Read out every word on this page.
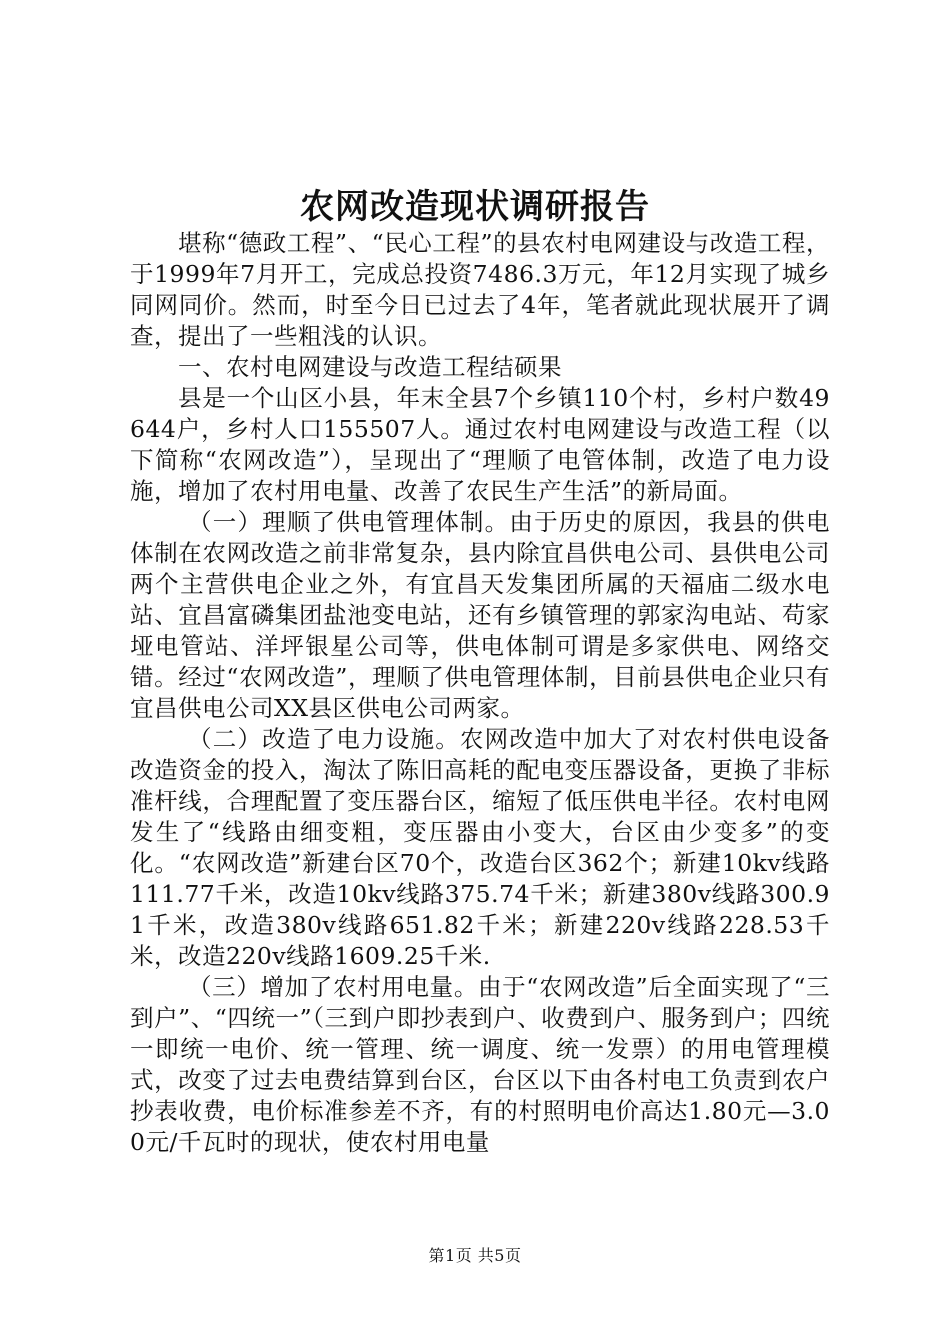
农网改造现状调研报告

堪称“德政工程”、“民心工程”的县农村电网建设与改造工程，于1999年7月开工，完成总投资7486.3万元，年12月实现了城乡同网同价。然而，时至今日已过去了4年，笔者就此现状展开了调查，提出了一些粗浅的认识。

一、农村电网建设与改造工程结硕果

县是一个山区小县，年末全县7个乡镇110个村，乡村户数49644户，乡村人口155507人。通过农村电网建设与改造工程（以下简称“农网改造”），呈现出了“理顺了电管体制，改造了电力设施，增加了农村用电量、改善了农民生产生活”的新局面。

（一）理顺了供电管理体制。由于历史的原因，我县的供电体制在农网改造之前非常复杂，县内除宜昌供电公司、县供电公司两个主营供电企业之外，有宜昌天发集团所属的天福庙二级水电站、宜昌富磷集团盐池变电站，还有乡镇管理的郭家沟电站、苟家垭电管站、洋坪银星公司等，供电体制可谓是多家供电、网络交错。经过“农网改造”，理顺了供电管理体制，目前县供电企业只有宜昌供电公司XX县区供电公司两家。

（二）改造了电力设施。农网改造中加大了对农村供电设备改造资金的投入，淘汰了陈旧高耗的配电变压器设备，更换了非标准杆线，合理配置了变压器台区，缩短了低压供电半径。农村电网发生了“线路由细变粗，变压器由小变大，台区由少变多”的变化。“农网改造”新建台区70个，改造台区362个；新建10kv线路111.77千米，改造10kv线路375.74千米；新建380v线路300.91千米，改造380v线路651.82千米；新建220v线路228.53千米，改造220v线路1609.25千米.

（三）增加了农村用电量。由于“农网改造”后全面实现了“三到户”、“四统一”（三到户即抄表到户、收费到户、服务到户；四统一即统一电价、统一管理、统一调度、统一发票）的用电管理模式，改变了过去电费结算到台区，台区以下由各村电工负责到农户抄表收费，电价标准参差不齐，有的村照明电价高达1.80元—3.00元/千瓦时的现状，使农村用电量

第1页 共5页
